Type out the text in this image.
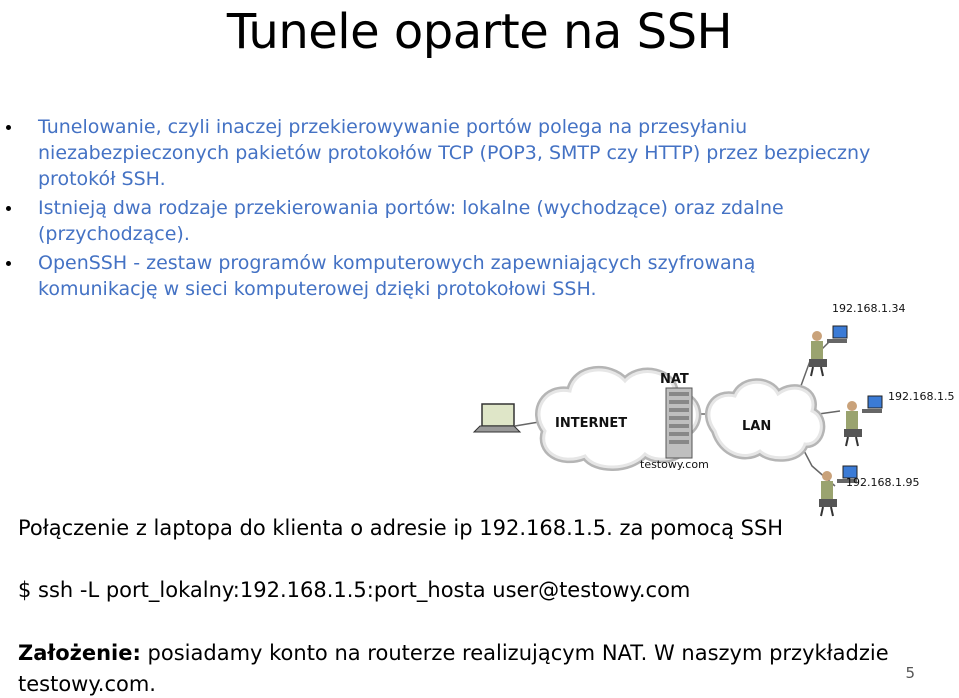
Tunele oparte na SSH
Tunelowanie, czyli inaczej przekierowywanie portów polega na przesyłaniu niezabezpieczonych pakietów protokołów TCP (POP3, SMTP czy HTTP) przez bezpieczny protokół SSH.
Istnieją dwa rodzaje przekierowania portów: lokalne (wychodzące) oraz zdalne (przychodzące).
OpenSSH - zestaw programów komputerowych zapewniających szyfrowaną komunikację w sieci komputerowej dzięki protokołowi SSH.
INTERNET	LAN
NAT
testowy.com
192.168.1.34
192.168.1.5
192.168.1.95
Połączenie z laptopa do klienta o adresie ip 192.168.1.5. za pomocą SSH
$ ssh -L port_lokalny:192.168.1.5:port_hosta user@testowy.com
Założenie: posiadamy konto na routerze realizującym NAT. W naszym przykładzie
testowy.com.	5
